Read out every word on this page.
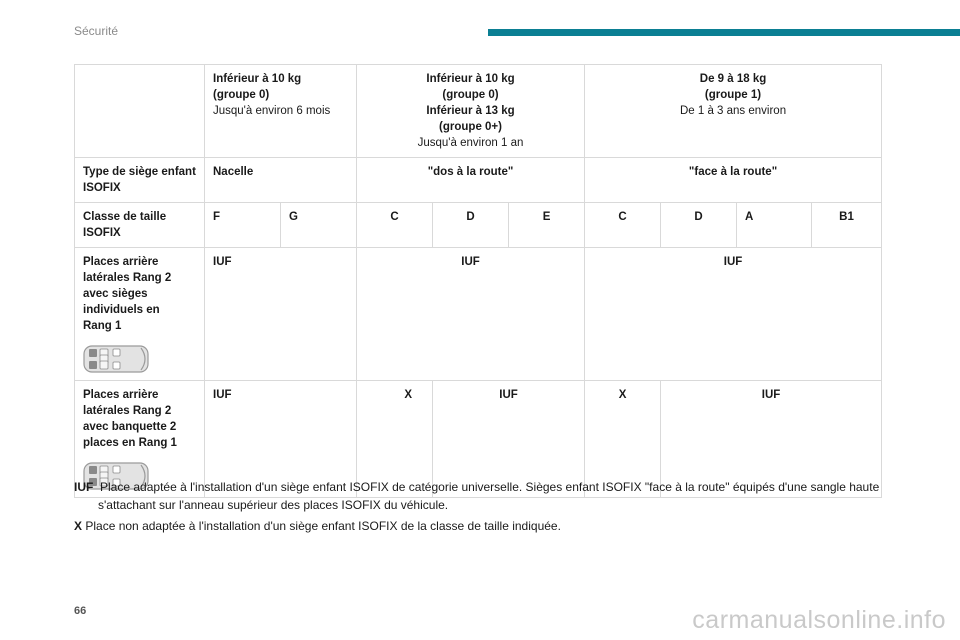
Sécurité

	Inférieur à 10 kg
(groupe 0)
Jusqu'à environ 6 mois		Inférieur à 10 kg
(groupe 0)
Inférieur à 13 kg
(groupe 0+)
Jusqu'à environ 1 an			De 9 à 18 kg
(groupe 1)
De 1 à 3 ans environ			

Type de siège enfant ISOFIX	Nacelle		"dos à la route"			"face à la route"			
Classe de taille ISOFIX	F	G	C	D	E	C	D	A	B1

Places arrière latérales Rang 2 avec sièges individuels en Rang 1	IUF		IUF			IUF			

Places arrière latérales Rang 2 avec banquette 2 places en Rang 1	IUF		X	IUF		X	IUF		
IUF Place adaptée à l'installation d'un siège enfant ISOFIX de catégorie universelle. Sièges enfant ISOFIX "face à la route" équipés d'une sangle haute s'attachant sur l'anneau supérieur des places ISOFIX du véhicule.
X Place non adaptée à l'installation d'un siège enfant ISOFIX de la classe de taille indiquée.
66	carmanualsonline.info
